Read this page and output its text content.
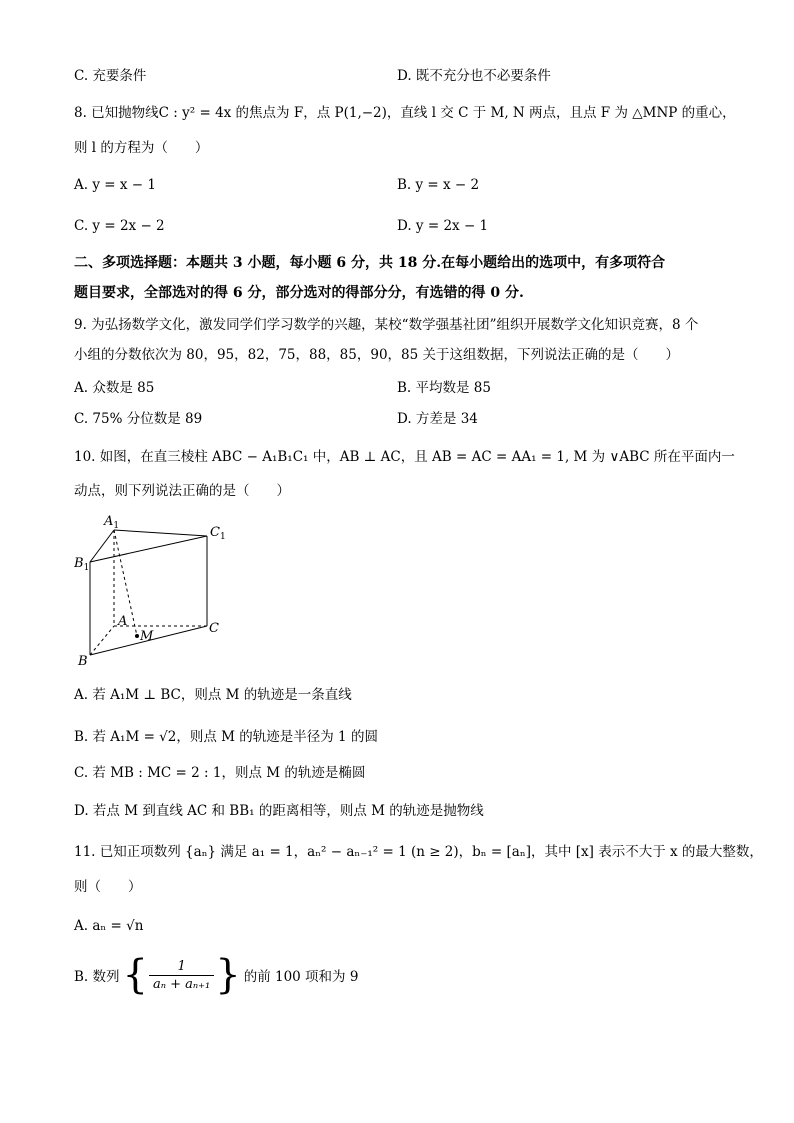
C. 充要条件	D. 既不充分也不必要条件
8. 已知抛物线C : y² = 4x 的焦点为 F，点 P(1,−2)，直线 l 交 C 于 M, N 两点，且点 F 为 △MNP 的重心，
则 l 的方程为（　　）
A. y = x − 1	B. y = x − 2
C. y = 2x − 2	D. y = 2x − 1
二、多项选择题：本题共 3 小题，每小题 6 分，共 18 分.在每小题给出的选项中，有多项符合
题目要求，全部选对的得 6 分，部分选对的得部分分，有选错的得 0 分.
9. 为弘扬数学文化，激发同学们学习数学的兴趣，某校“数学强基社团”组织开展数学文化知识竞赛，8 个
小组的分数依次为 80，95，82，75，88，85，90，85 关于这组数据，下列说法正确的是（　　）
A. 众数是 85	B. 平均数是 85
C. 75% 分位数是 89	D. 方差是 34
10. 如图，在直三棱柱 ABC − A₁B₁C₁ 中，AB ⊥ AC，且 AB = AC = AA₁ = 1, M 为 ∨ABC 所在平面内一
动点，则下列说法正确的是（　　）
$A_1$
$B_1$
$C_1$
A
M
C
B
A. 若 A₁M ⊥ BC，则点 M 的轨迹是一条直线
B. 若 A₁M = √2，则点 M 的轨迹是半径为 1 的圆
C. 若 MB : MC = 2 : 1，则点 M 的轨迹是椭圆
D. 若点 M 到直线 AC 和 BB₁ 的距离相等，则点 M 的轨迹是抛物线
11. 已知正项数列 {aₙ} 满足 a₁ = 1，aₙ² − aₙ₋₁² = 1 (n ≥ 2)，bₙ = [aₙ]，其中 [x] 表示不大于 x 的最大整数，
则（　　）
A. aₙ = √n
B. 数列 { $\frac{1}{\text{aₙ + aₙ₊₁}}$ } 的前 100 项和为 9
